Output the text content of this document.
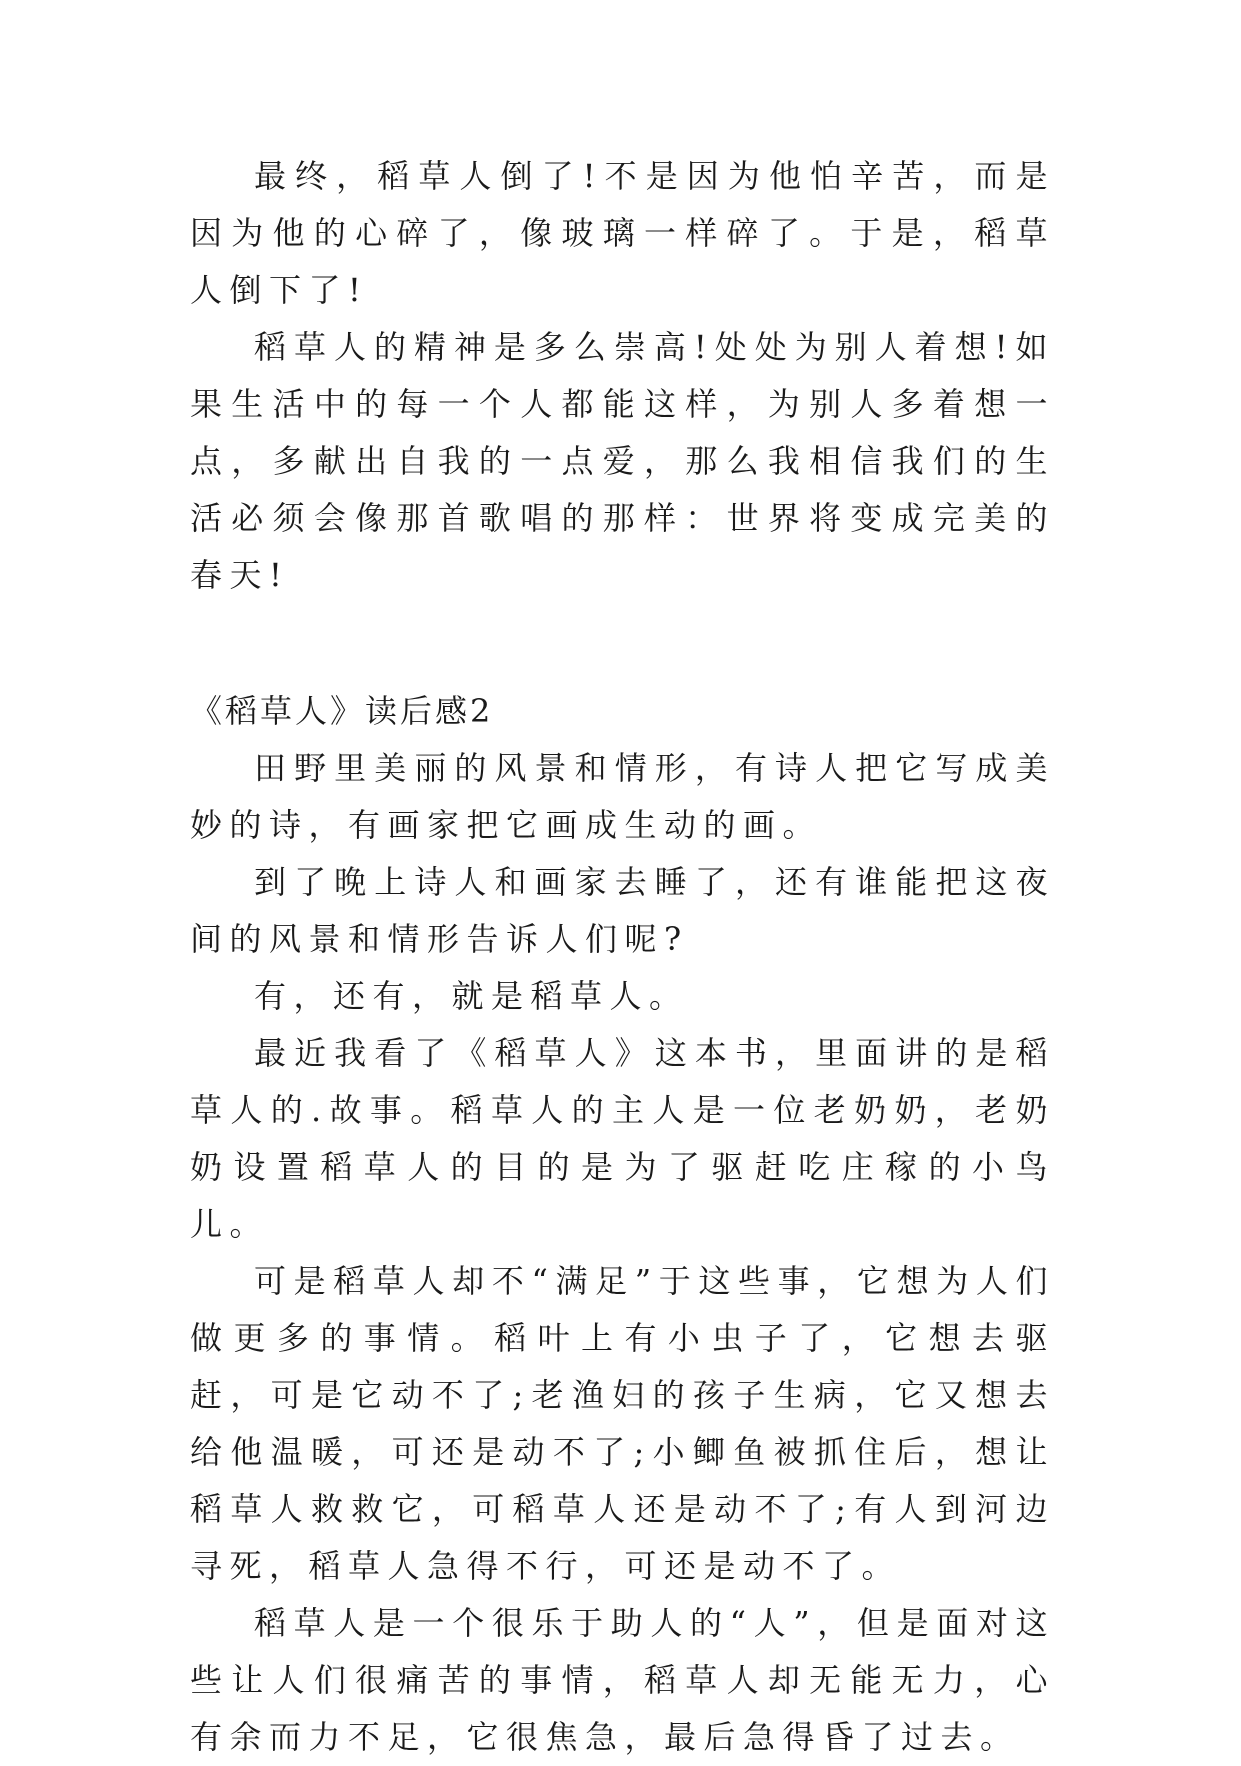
最终，稻草人倒了!不是因为他怕辛苦，而是因为他的心碎了，像玻璃一样碎了。于是，稻草人倒下了!

稻草人的精神是多么崇高!处处为别人着想!如果生活中的每一个人都能这样，为别人多着想一点，多献出自我的一点爱，那么我相信我们的生活必须会像那首歌唱的那样：世界将变成完美的春天!

《稻草人》读后感2

田野里美丽的风景和情形，有诗人把它写成美妙的诗，有画家把它画成生动的画。

到了晚上诗人和画家去睡了，还有谁能把这夜间的风景和情形告诉人们呢?

有，还有，就是稻草人。

最近我看了《稻草人》这本书，里面讲的是稻草人的.故事。稻草人的主人是一位老奶奶，老奶奶设置稻草人的目的是为了驱赶吃庄稼的小鸟儿。

可是稻草人却不“满足”于这些事，它想为人们做更多的事情。稻叶上有小虫子了，它想去驱赶，可是它动不了;老渔妇的孩子生病，它又想去给他温暖，可还是动不了;小鲫鱼被抓住后，想让稻草人救救它，可稻草人还是动不了;有人到河边寻死，稻草人急得不行，可还是动不了。

稻草人是一个很乐于助人的“人”，但是面对这些让人们很痛苦的事情，稻草人却无能无力，心有余而力不足，它很焦急，最后急得昏了过去。
